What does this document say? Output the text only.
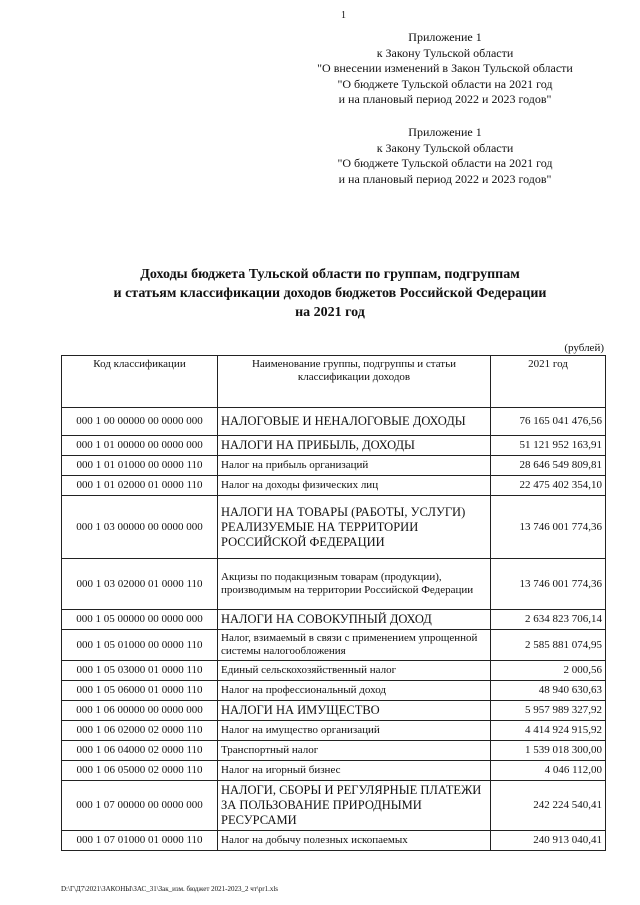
1
Приложение 1
к Закону Тульской области
"О внесении изменений в Закон Тульской области
"О бюджете Тульской области на 2021 год
и на плановый период 2022 и 2023 годов"
Приложение 1
к Закону Тульской области
"О бюджете Тульской области на 2021 год
и на плановый период 2022 и 2023 годов"
Доходы бюджета Тульской области по группам, подгруппам
и статьям классификации доходов бюджетов Российской Федерации
на 2021 год
(рублей)
Код классификации	Наименование группы, подгруппы и статьи классификации доходов	2021 год
000 1 00 00000 00 0000 000	НАЛОГОВЫЕ И НЕНАЛОГОВЫЕ ДОХОДЫ	76 165 041 476,56
000 1 01 00000 00 0000 000	НАЛОГИ НА ПРИБЫЛЬ, ДОХОДЫ	51 121 952 163,91
000 1 01 01000 00 0000 110	Налог на прибыль организаций	28 646 549 809,81
000 1 01 02000 01 0000 110	Налог на доходы физических лиц	22 475 402 354,10
000 1 03 00000 00 0000 000	НАЛОГИ НА ТОВАРЫ (РАБОТЫ, УСЛУГИ) РЕАЛИЗУЕМЫЕ НА ТЕРРИТОРИИ РОССИЙСКОЙ ФЕДЕРАЦИИ	13 746 001 774,36
000 1 03 02000 01 0000 110	Акцизы по подакцизным товарам (продукции), производимым на территории Российской Федерации	13 746 001 774,36
000 1 05 00000 00 0000 000	НАЛОГИ НА СОВОКУПНЫЙ ДОХОД	2 634 823 706,14
000 1 05 01000 00 0000 110	Налог, взимаемый в связи с применением упрощенной системы налогообложения	2 585 881 074,95
000 1 05 03000 01 0000 110	Единый сельскохозяйственный налог	2 000,56
000 1 05 06000 01 0000 110	Налог на профессиональный доход	48 940 630,63
000 1 06 00000 00 0000 000	НАЛОГИ НА ИМУЩЕСТВО	5 957 989 327,92
000 1 06 02000 02 0000 110	Налог на имущество организаций	4 414 924 915,92
000 1 06 04000 02 0000 110	Транспортный налог	1 539 018 300,00
000 1 06 05000 02 0000 110	Налог на игорный бизнес	4 046 112,00
000 1 07 00000 00 0000 000	НАЛОГИ, СБОРЫ И РЕГУЛЯРНЫЕ ПЛАТЕЖИ ЗА ПОЛЬЗОВАНИЕ ПРИРОДНЫМИ РЕСУРСАМИ	242 224 540,41
000 1 07 01000 01 0000 110	Налог на добычу полезных ископаемых	240 913 040,41
D:\Г\Д7\2021\ЗАКОНЫ\ЗАС_31\Зак_изм. бюджет 2021-2023_2 чт\pr1.xls
